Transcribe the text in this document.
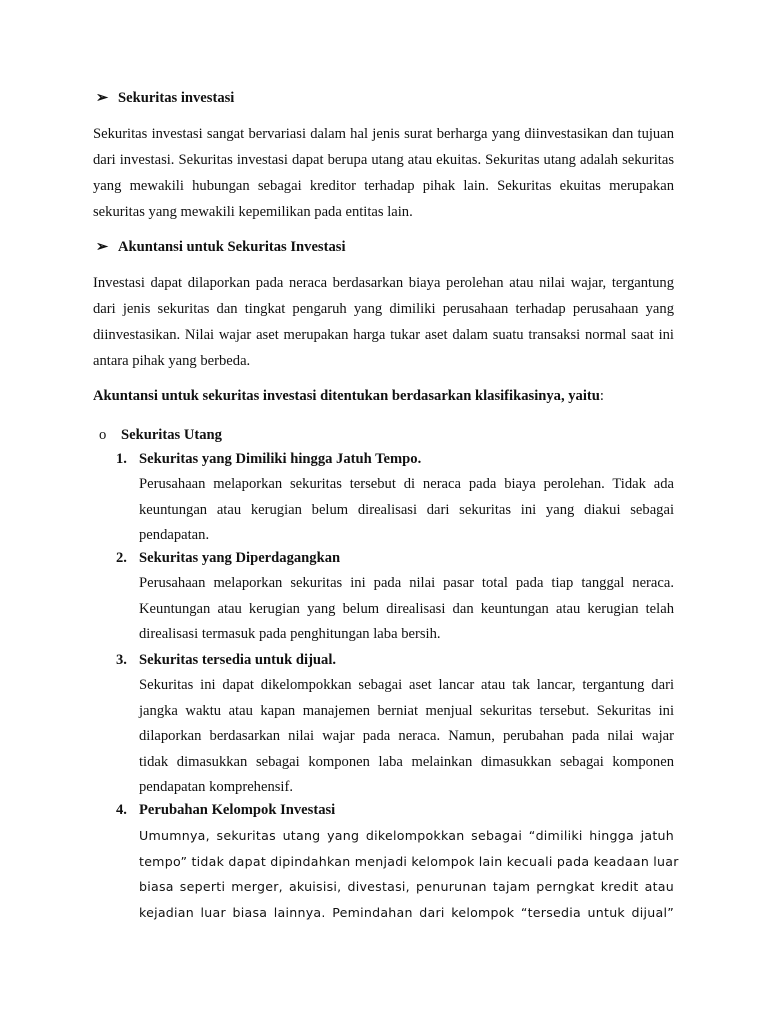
➢ Sekuritas investasi
Sekuritas investasi sangat bervariasi dalam hal jenis surat berharga yang diinvestasikan dan tujuan dari investasi. Sekuritas investasi dapat berupa utang atau ekuitas. Sekuritas utang adalah sekuritas yang mewakili hubungan sebagai kreditor terhadap pihak lain. Sekuritas ekuitas merupakan sekuritas yang mewakili kepemilikan pada entitas lain.
➢ Akuntansi untuk Sekuritas Investasi
Investasi dapat dilaporkan pada neraca berdasarkan biaya perolehan atau nilai wajar, tergantung dari jenis sekuritas dan tingkat pengaruh yang dimiliki perusahaan terhadap perusahaan yang diinvestasikan. Nilai wajar aset merupakan harga tukar aset dalam suatu transaksi normal saat ini antara pihak yang berbeda.
Akuntansi untuk sekuritas investasi ditentukan berdasarkan klasifikasinya, yaitu:
o Sekuritas Utang
1. Sekuritas yang Dimiliki hingga Jatuh Tempo.
Perusahaan melaporkan sekuritas tersebut di neraca pada biaya perolehan. Tidak ada
keuntungan atau kerugian belum direalisasi dari sekuritas ini yang diakui sebagai
pendapatan.
2. Sekuritas yang Diperdagangkan
Perusahaan melaporkan sekuritas ini pada nilai pasar total pada tiap tanggal neraca.
Keuntungan atau kerugian yang belum direalisasi dan keuntungan atau kerugian telah
direalisasi termasuk pada penghitungan laba bersih.
3. Sekuritas tersedia untuk dijual.
Sekuritas ini dapat dikelompokkan sebagai aset lancar atau tak lancar, tergantung dari
jangka waktu atau kapan manajemen berniat menjual sekuritas tersebut. Sekuritas ini
dilaporkan berdasarkan nilai wajar pada neraca. Namun, perubahan pada nilai wajar
tidak dimasukkan sebagai komponen laba melainkan dimasukkan sebagai komponen
pendapatan komprehensif.
4. Perubahan Kelompok Investasi
Umumnya, sekuritas utang yang dikelompokkan sebagai “dimiliki hingga jatuh
tempo” tidak dapat dipindahkan menjadi kelompok lain kecuali pada keadaan luar
biasa seperti merger, akuisisi, divestasi, penurunan tajam perngkat kredit atau
kejadian luar biasa lainnya. Pemindahan dari kelompok “tersedia untuk dijual”
